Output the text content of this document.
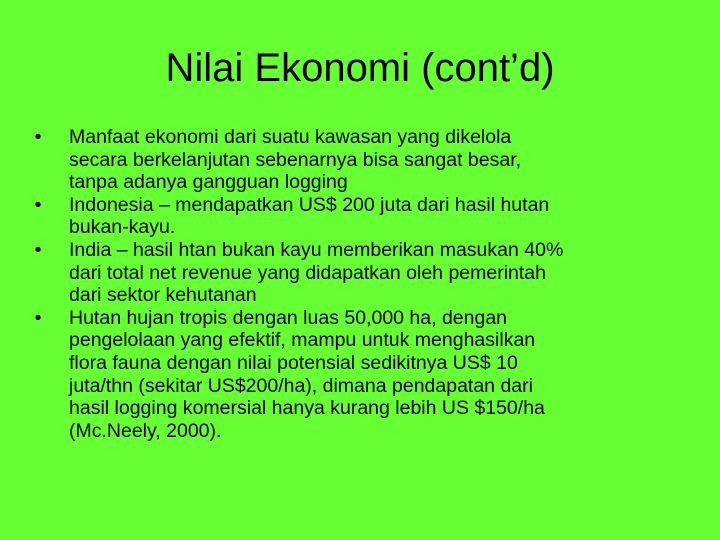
Nilai Ekonomi (cont’d)
•	Manfaat ekonomi dari suatu kawasan yang dikelola
secara berkelanjutan sebenarnya bisa sangat besar,
tanpa adanya gangguan logging
•	Indonesia – mendapatkan US$ 200 juta dari hasil hutan
bukan-kayu.
•	India – hasil htan bukan kayu memberikan masukan 40%
dari total net revenue yang didapatkan oleh pemerintah
dari sektor kehutanan
•	Hutan hujan tropis dengan luas 50,000 ha, dengan
pengelolaan yang efektif, mampu untuk menghasilkan
flora fauna dengan nilai potensial sedikitnya US$ 10
juta/thn (sekitar US$200/ha), dimana pendapatan dari
hasil logging komersial hanya kurang lebih US $150/ha
(Mc.Neely, 2000).
